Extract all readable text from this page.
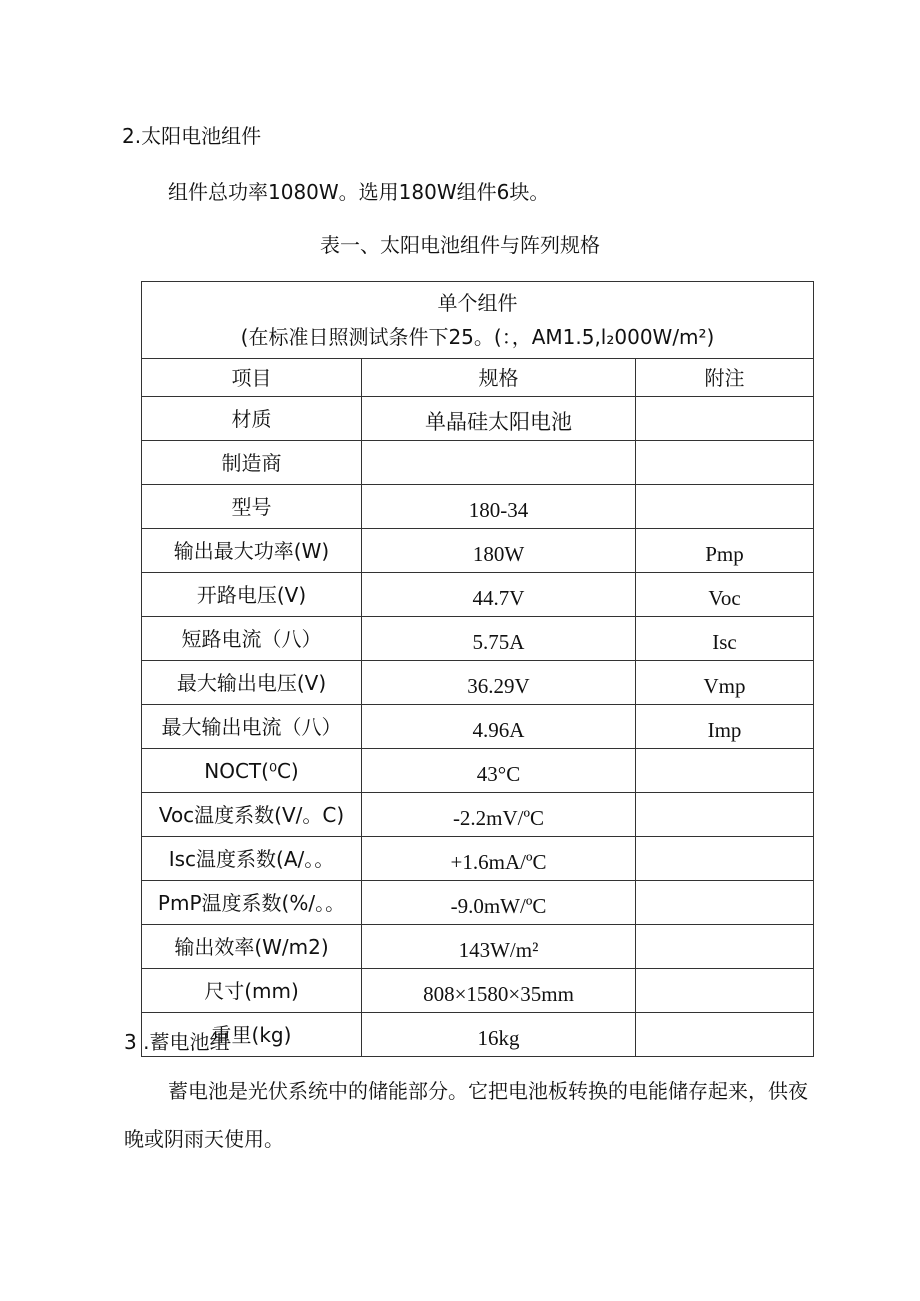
2.太阳电池组件
组件总功率1080W。选用180W组件6块。
表一、太阳电池组件与阵列规格
单个组件
(在标准日照测试条件下25。(：，AM1.5,l₂000W/m²)		

项目	规格	附注
材质	单晶硅太阳电池	
制造商		
型号	180-34	
输出最大功率(W)	180W	Pmp
开路电压(V)	44.7V	Voc
短路电流（八）	5.75A	Isc
最大输出电压(V)	36.29V	Vmp
最大输出电流（八）	4.96A	Imp
NOCT(⁰C)	43°C	
Voc温度系数(V/。C)	-2.2mV/ºC	
Isc温度系数(A/。。	+1.6mA/ºC	
PmP温度系数(%/。。	-9.0mW/ºC	
输出效率(W/m2)	143W/m²	
尺寸(mm)	808×1580×35mm	
重里(kg)	16kg	
3 .蓄电池组
蓄电池是光伏系统中的储能部分。它把电池板转换的电能储存起来，供夜
晚或阴雨天使用。
